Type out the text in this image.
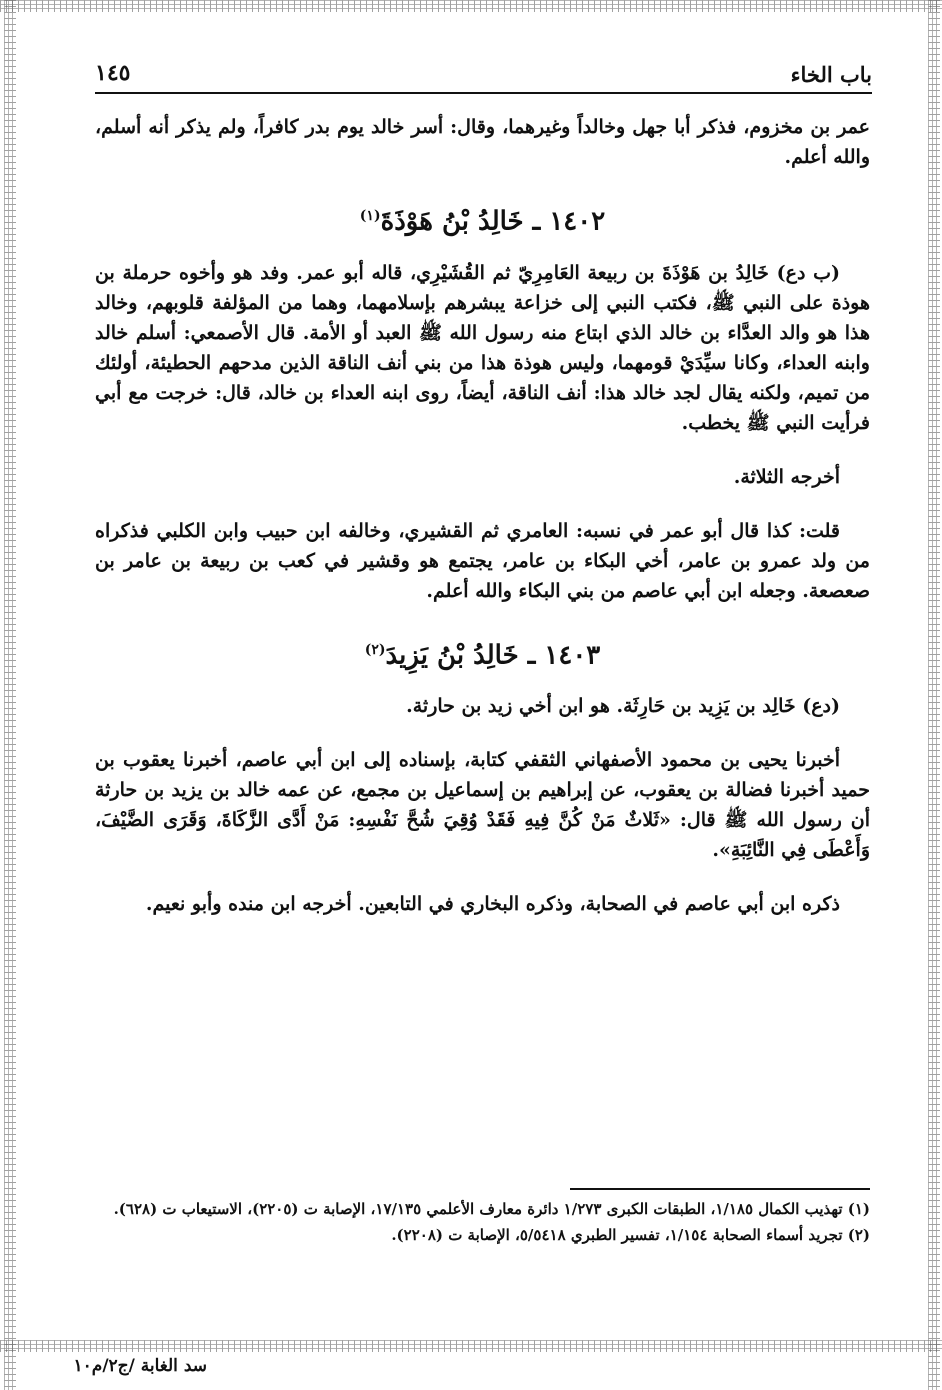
باب الخاء
١٤٥

عمر بن مخزوم، فذكر أبا جهل وخالداً وغيرهما، وقال: أسر خالد يوم بدر كافراً، ولم يذكر أنه أسلم، والله أعلم.

١٤٠٢ ـ خَالِدُ بْنُ هَوْذَةَ$^{(١)}$

(ب دع) خَالِدُ بن هَوْذَةَ بن ربيعة العَامِرِيّ ثم القُشَيْرِي، قاله أبو عمر. وفد هو وأخوه حرملة بن هوذة على النبي ﷺ، فكتب النبي إلى خزاعة يبشرهم بإسلامهما، وهما من المؤلفة قلوبهم، وخالد هذا هو والد العدَّاء بن خالد الذي ابتاع منه رسول الله ﷺ العبد أو الأمة. قال الأصمعي: أسلم خالد وابنه العداء، وكانا سيِّدَيْ قومهما، وليس هوذة هذا من بني أنف الناقة الذين مدحهم الحطيئة، أولئك من تميم، ولكنه يقال لجد خالد هذا: أنف الناقة، أيضاً، روى ابنه العداء بن خالد، قال: خرجت مع أبي فرأيت النبي ﷺ يخطب.

أخرجه الثلاثة.

قلت: كذا قال أبو عمر في نسبه: العامري ثم القشيري، وخالفه ابن حبيب وابن الكلبي فذكراه من ولد عمرو بن عامر، أخي البكاء بن عامر، يجتمع هو وقشير في كعب بن ربيعة بن عامر بن صعصعة. وجعله ابن أبي عاصم من بني البكاء والله أعلم.

١٤٠٣ ـ خَالِدُ بْنُ يَزِيدَ$^{(٢)}$

(دع) خَالِد بن يَزِيد بن حَارِثَة. هو ابن أخي زيد بن حارثة.

أخبرنا يحيى بن محمود الأصفهاني الثقفي كتابة، بإسناده إلى ابن أبي عاصم، أخبرنا يعقوب بن حميد أخبرنا فضالة بن يعقوب، عن إبراهيم بن إسماعيل بن مجمع، عن عمه خالد بن يزيد بن حارثة أن رسول الله ﷺ قال: «ثَلاثٌ مَنْ كُنَّ فِيهِ فَقَدْ وُقِيَ شُحَّ نَفْسِهِ: مَنْ أَدَّى الزَّكَاةَ، وَقَرَى الضَّيْفَ، وَأَعْطَى فِي النَّائِبَةِ».

ذكره ابن أبي عاصم في الصحابة، وذكره البخاري في التابعين. أخرجه ابن منده وأبو نعيم.

(١) تهذيب الكمال ١/١٨٥، الطبقات الكبرى ١/٢٧٣ دائرة معارف الأعلمي ١٧/١٣٥، الإصابة ت (٢٢٠٥)، الاستيعاب ت (٦٢٨).

(٢) تجريد أسماء الصحابة ١/١٥٤، تفسير الطبري ٥/٥٤١٨، الإصابة ت (٢٢٠٨).

سد الغابة /ج٢/م١٠
